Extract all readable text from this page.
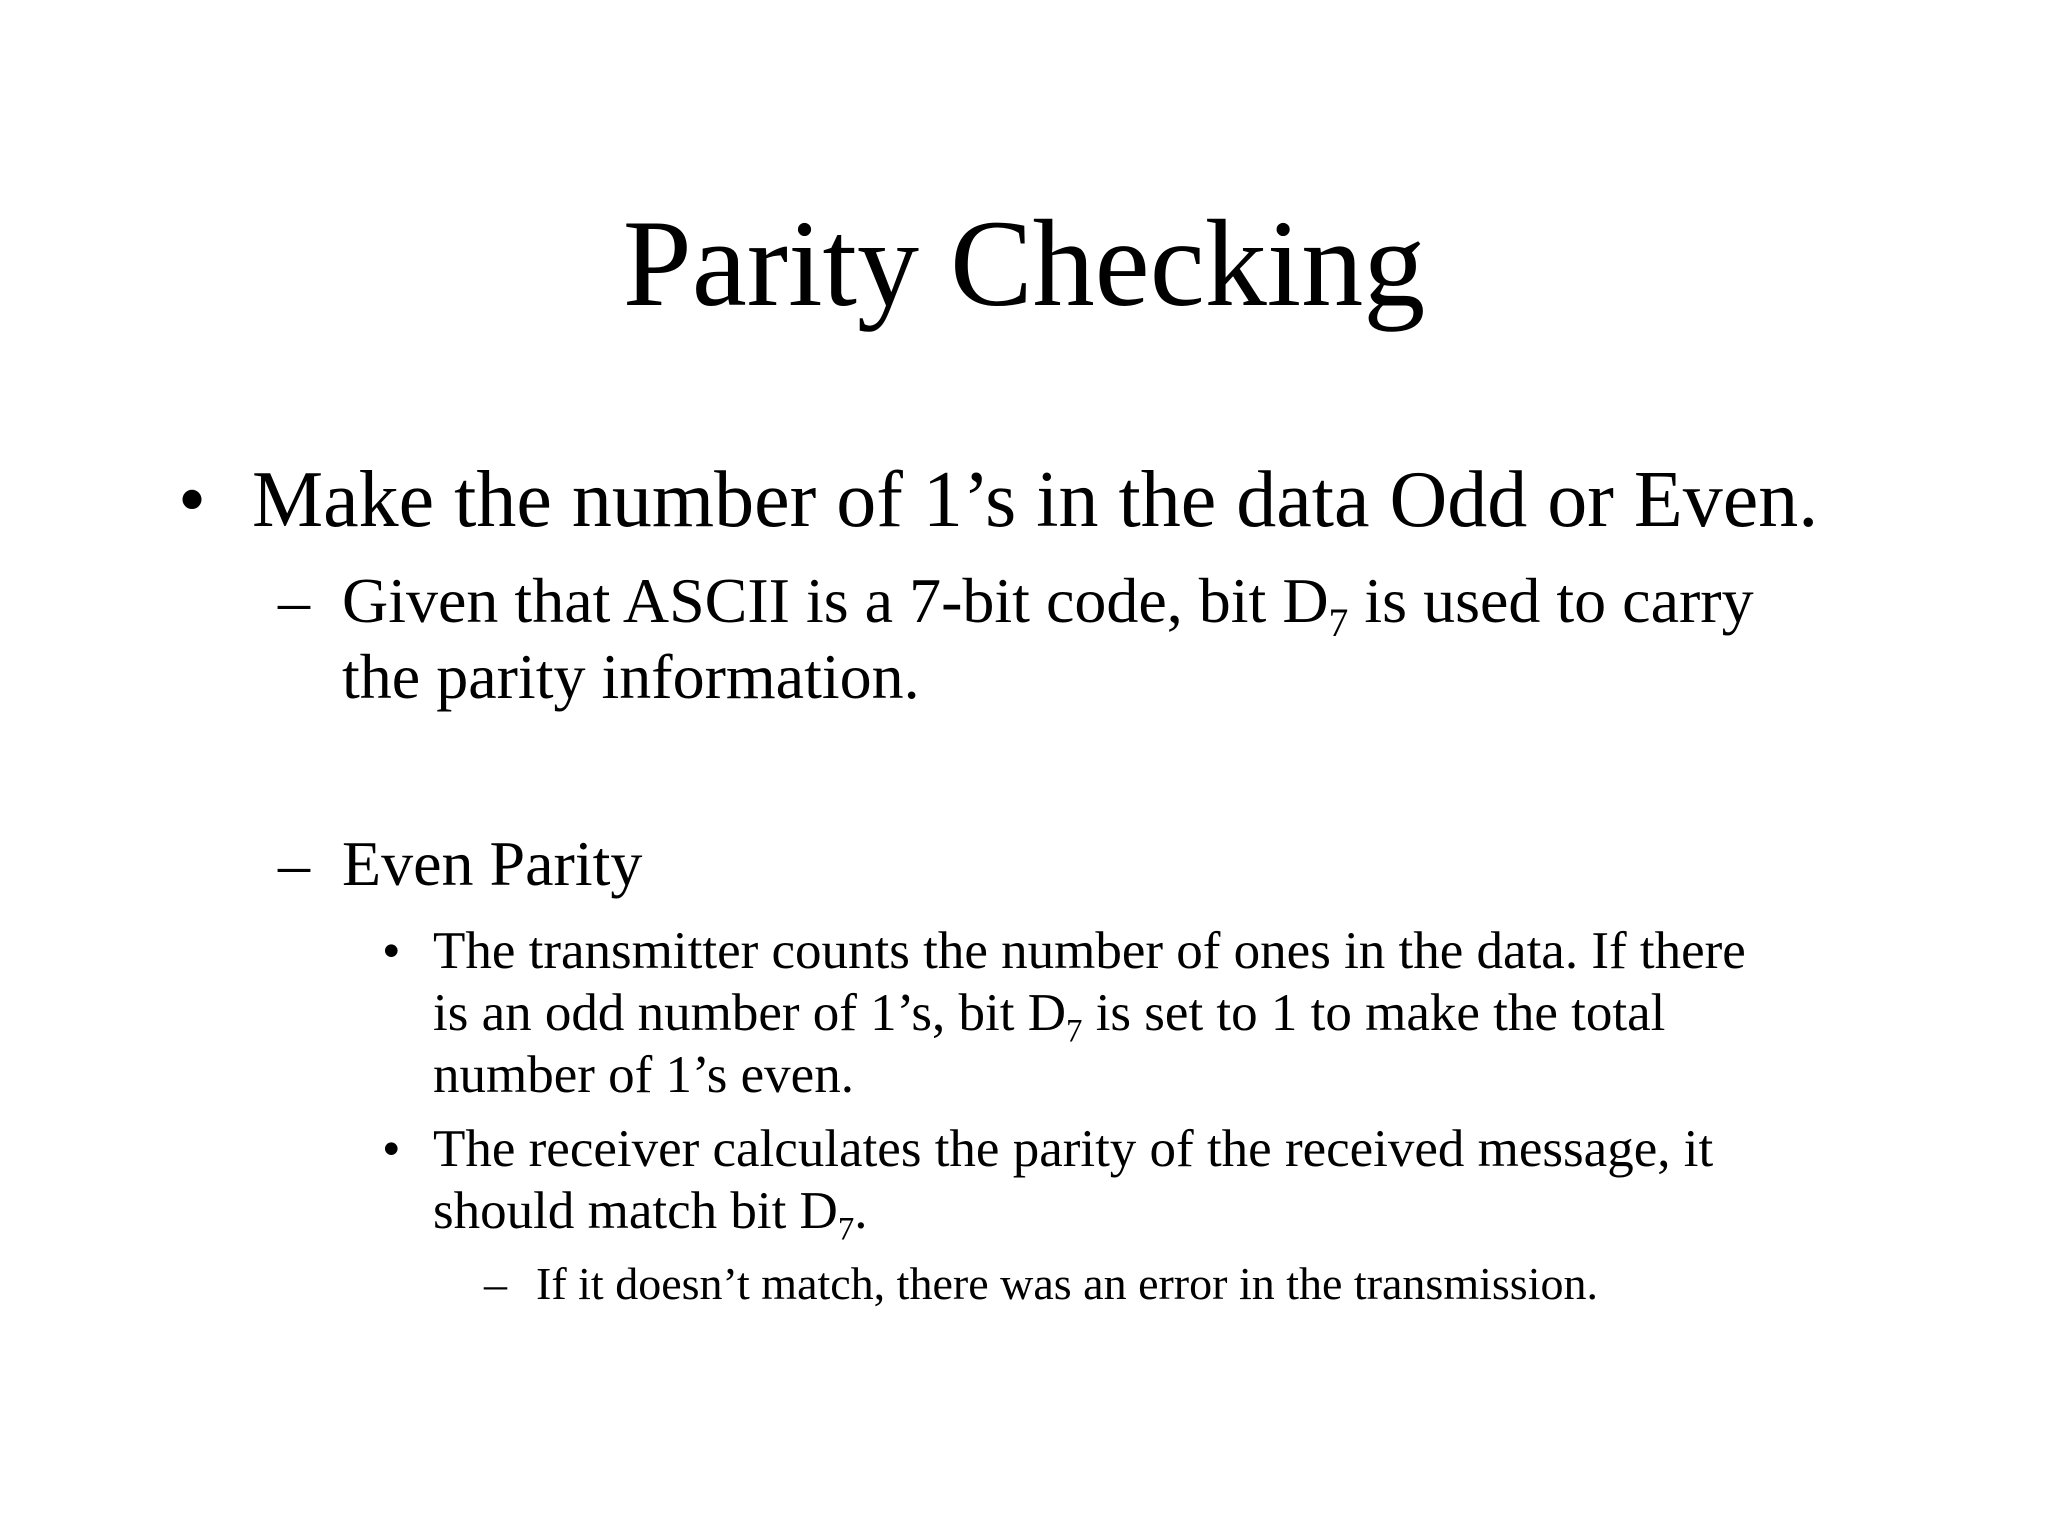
Parity Checking
• Make the number of 1’s in the data Odd or Even.
– Given that ASCII is a 7-bit code, bit $D_7$ is used to carry
the parity information.
– Even Parity
• The transmitter counts the number of ones in the data. If there
is an odd number of 1’s, bit $D_7$ is set to 1 to make the total
number of 1’s even.
• The receiver calculates the parity of the received message, it
should match bit $D_7$.
– If it doesn’t match, there was an error in the transmission.
